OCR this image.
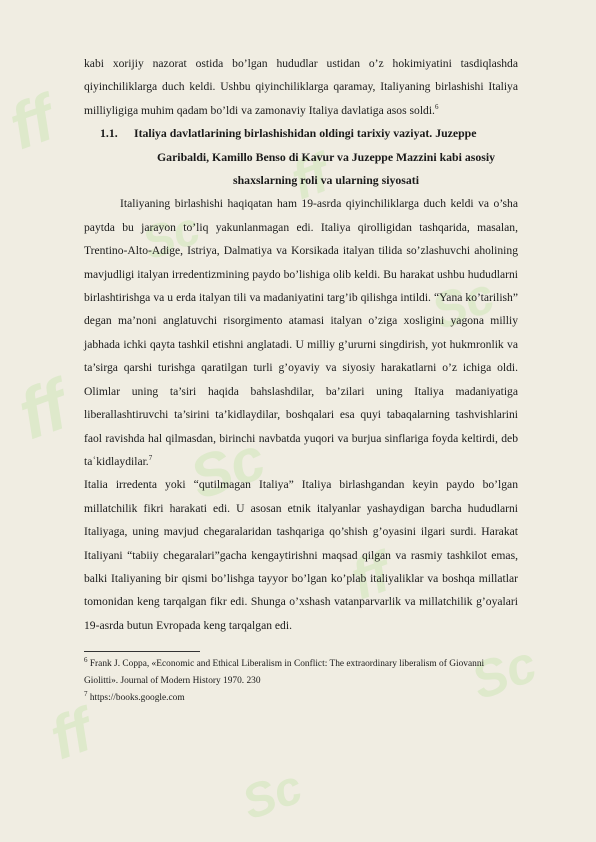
ff
Sc
ff
Sc
ff
Sc
ff
Sc
ff
Sc

kabi xorijiy nazorat ostida bo’lgan hududlar ustidan o’z hokimiyatini tasdiqlashda qiyinchiliklarga duch keldi. Ushbu qiyinchiliklarga qaramay, Italiyaning birlashishi Italiya milliyligiga muhim qadam bo’ldi va zamonaviy Italiya davlatiga asos soldi.$^6$

1.1.	Italiya davlatlarining birlashishidan oldingi tarixiy vaziyat. Juzeppe
Garibaldi, Kamillo Benso di Kavur va Juzeppe Mazzini kabi asosiy
shaxslarning roli va ularning siyosati

Italiyaning birlashishi haqiqatan ham 19-asrda qiyinchiliklarga duch keldi va o’sha paytda bu jarayon to’liq yakunlanmagan edi. Italiya qirolligidan tashqarida, masalan, Trentino-Alto-Adige, Istriya, Dalmatiya va Korsikada italyan tilida so’zlashuvchi aholining mavjudligi italyan irredentizmining paydo bo’lishiga olib keldi. Bu harakat ushbu hududlarni birlashtirishga va u erda italyan tili va madaniyatini targ’ib qilishga intildi. “Yana ko’tarilish” degan ma’noni anglatuvchi risorgimento atamasi italyan o’ziga xosligini yagona milliy jabhada ichki qayta tashkil etishni anglatadi. U milliy g’ururni singdirish, yot hukmronlik va ta’sirga qarshi turishga qaratilgan turli g’oyaviy va siyosiy harakatlarni o’z ichiga oldi. Olimlar uning ta’siri haqida bahslashdilar, ba’zilari uning Italiya madaniyatiga liberallashtiruvchi ta’sirini ta’kidlaydilar, boshqalari esa quyi tabaqalarning tashvishlarini faol ravishda hal qilmasdan, birinchi navbatda yuqori va burjua sinflariga foyda keltirdi, deb taʿkidlaydilar.$^7$

Italia irredenta yoki “qutilmagan Italiya” Italiya birlashgandan keyin paydo bo’lgan millatchilik fikri harakati edi. U asosan etnik italyanlar yashaydigan barcha hududlarni Italiyaga, uning mavjud chegaralaridan tashqariga qo’shish g’oyasini ilgari surdi. Harakat Italiyani “tabiiy chegaralari”gacha kengaytirishni maqsad qilgan va rasmiy tashkilot emas, balki Italiyaning bir qismi bo’lishga tayyor bo’lgan ko’plab italiyaliklar va boshqa millatlar tomonidan keng tarqalgan fikr edi. Shunga o’xshash vatanparvarlik va millatchilik g’oyalari 19-asrda butun Evropada keng tarqalgan edi.

$^6$ Frank J. Coppa, «Economic and Ethical Liberalism in Conflict: The extraordinary liberalism of Giovanni Giolitti». Journal of Modern History 1970. 230

$^7$ https://books.google.com
